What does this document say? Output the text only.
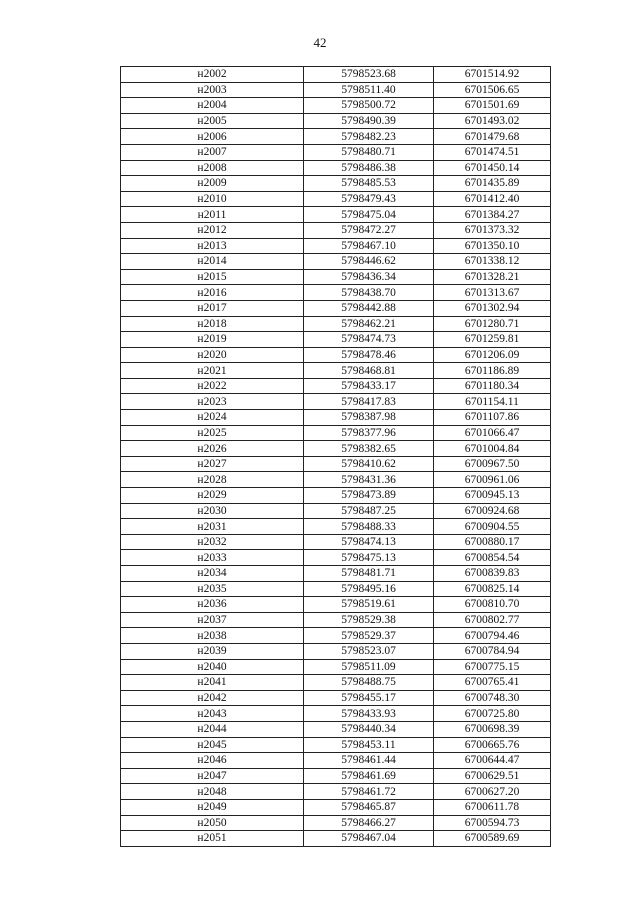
42
н2002	5798523.68	6701514.92
н2003	5798511.40	6701506.65
н2004	5798500.72	6701501.69
н2005	5798490.39	6701493.02
н2006	5798482.23	6701479.68
н2007	5798480.71	6701474.51
н2008	5798486.38	6701450.14
н2009	5798485.53	6701435.89
н2010	5798479.43	6701412.40
н2011	5798475.04	6701384.27
н2012	5798472.27	6701373.32
н2013	5798467.10	6701350.10
н2014	5798446.62	6701338.12
н2015	5798436.34	6701328.21
н2016	5798438.70	6701313.67
н2017	5798442.88	6701302.94
н2018	5798462.21	6701280.71
н2019	5798474.73	6701259.81
н2020	5798478.46	6701206.09
н2021	5798468.81	6701186.89
н2022	5798433.17	6701180.34
н2023	5798417.83	6701154.11
н2024	5798387.98	6701107.86
н2025	5798377.96	6701066.47
н2026	5798382.65	6701004.84
н2027	5798410.62	6700967.50
н2028	5798431.36	6700961.06
н2029	5798473.89	6700945.13
н2030	5798487.25	6700924.68
н2031	5798488.33	6700904.55
н2032	5798474.13	6700880.17
н2033	5798475.13	6700854.54
н2034	5798481.71	6700839.83
н2035	5798495.16	6700825.14
н2036	5798519.61	6700810.70
н2037	5798529.38	6700802.77
н2038	5798529.37	6700794.46
н2039	5798523.07	6700784.94
н2040	5798511.09	6700775.15
н2041	5798488.75	6700765.41
н2042	5798455.17	6700748.30
н2043	5798433.93	6700725.80
н2044	5798440.34	6700698.39
н2045	5798453.11	6700665.76
н2046	5798461.44	6700644.47
н2047	5798461.69	6700629.51
н2048	5798461.72	6700627.20
н2049	5798465.87	6700611.78
н2050	5798466.27	6700594.73
н2051	5798467.04	6700589.69
